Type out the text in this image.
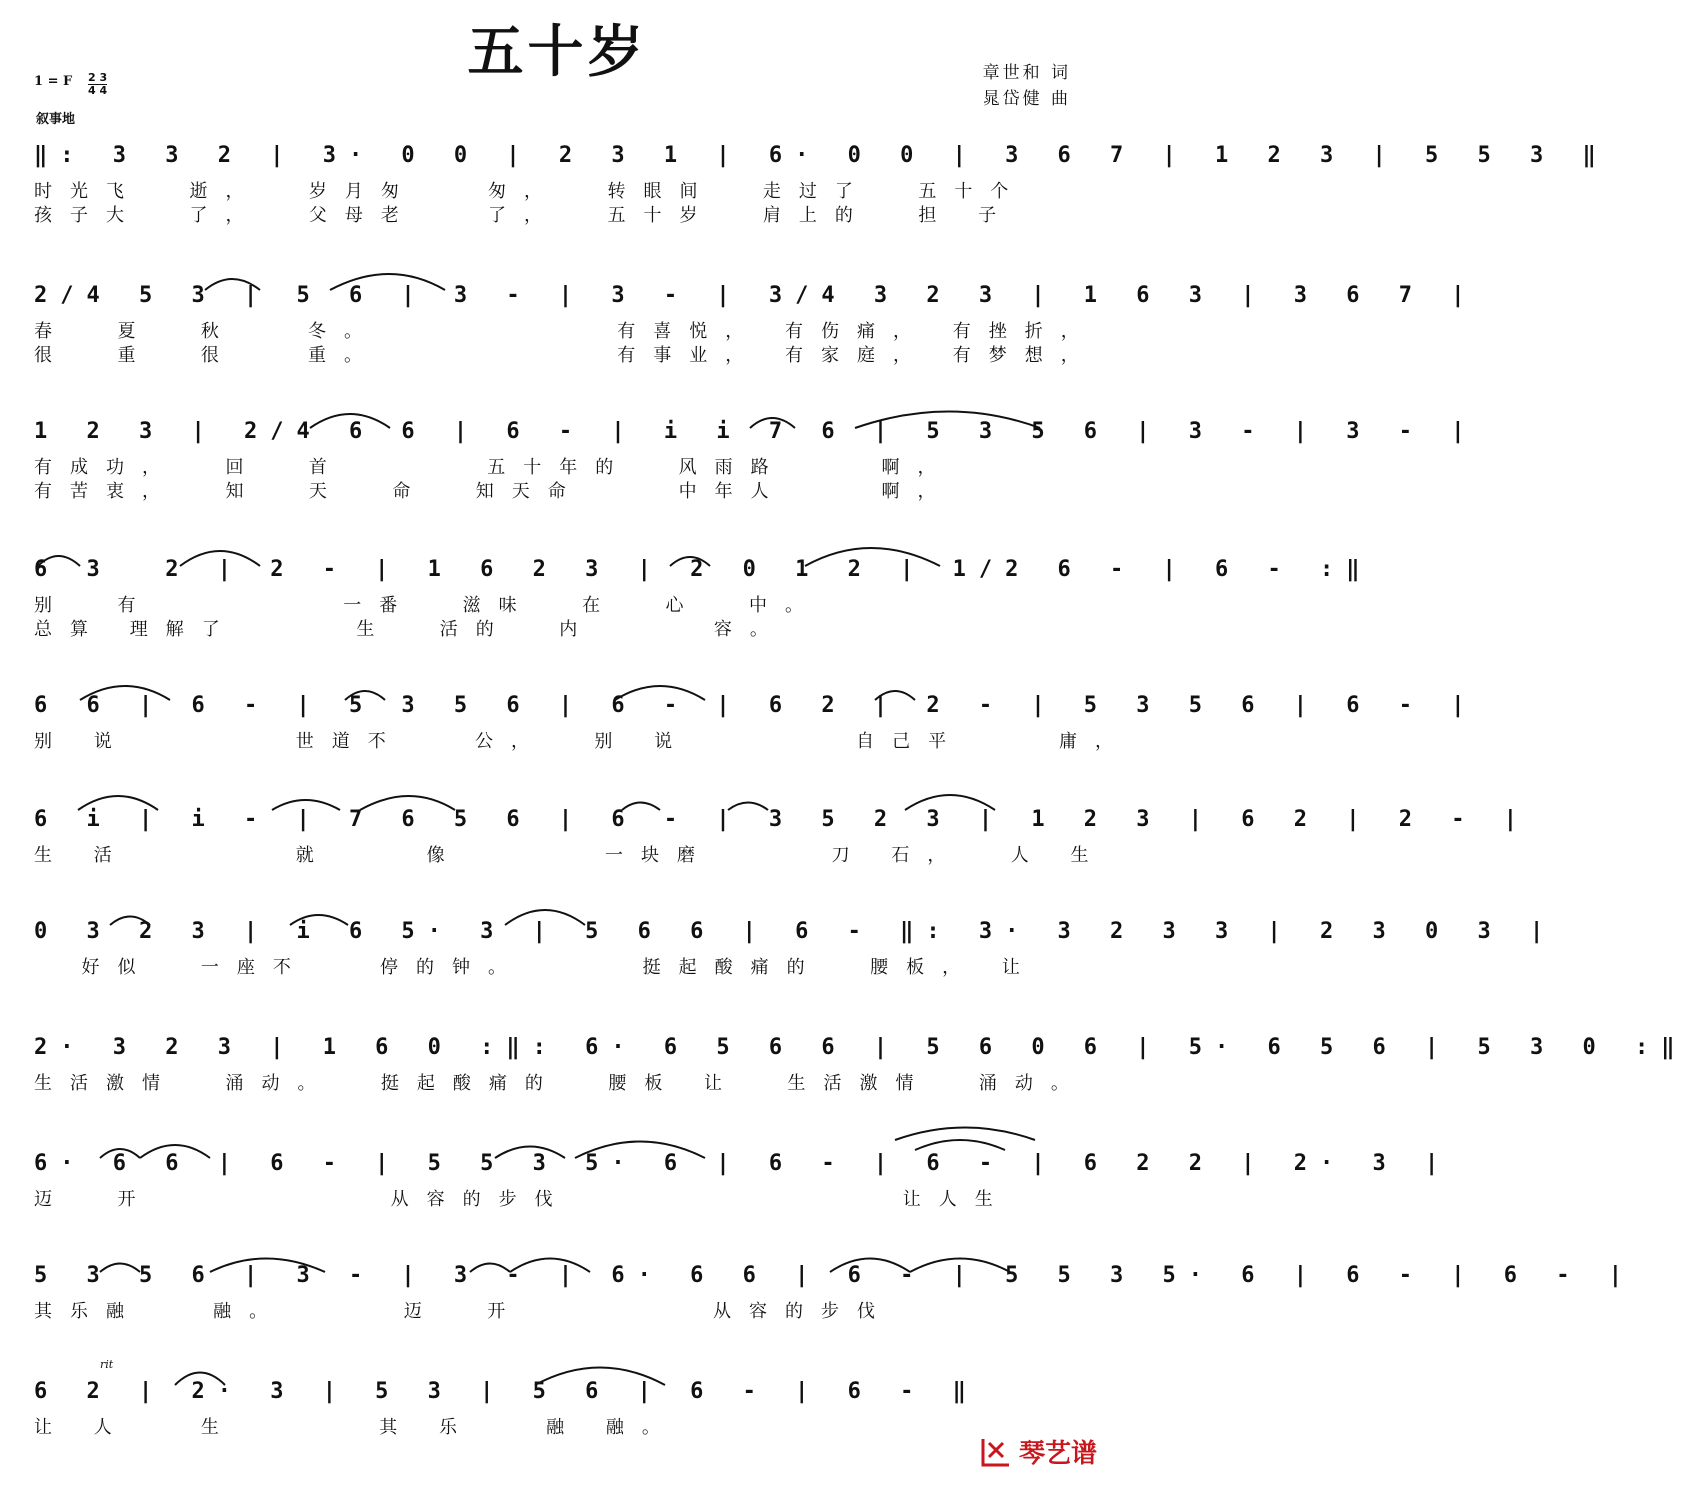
五十岁	章世和 词
晁岱健 曲
1 = F 2 3
4 4
叙事地
rit
‖: 3 3 2 | 3· 0 0 | 2 3 1 | 6· 0 0 | 3 6 7 | 1 2 3 | 5 5 3 ‖
时光飞  逝，  岁月匆   匆，  转眼间  走过了  五十个
孩子大  了，  父母老   了，  五十岁  肩上的  担 子
2/4 5 3 | 5 6 | 3 - | 3 - | 3/4 3 2 3 | 1 6 3 | 3 6 7 |
春  夏  秋   冬。          有喜悦， 有伤痛， 有挫折，
很  重  很   重。          有事业， 有家庭， 有梦想，
1 2 3 | 2/4 6 6 | 6 - | i i 7 6 | 5 3 5 6 | 3 - | 3 - |
有成功，  回  首      五十年的  风雨路    啊，
有苦衷，  知  天  命  知天命    中年人    啊，
6 3  2 | 2 - | 1 6 2 3 | 2 0 1 2 | 1/2 6 - | 6 - :‖
别  有        一番  滋味  在  心  中。
总算 理解了     生  活的  内     容。
6 6 | 6 - | 5 3 5 6 | 6 - | 6 2 | 2 - | 5 3 5 6 | 6 - |
别 说       世道不   公，  别 说       自己平    庸，
6 i | i - | 7 6 5 6 | 6 - | 3 5 2 3 | 1 2 3 | 6 2 | 2 - |
生 活       就    像      一块磨     刀 石，  人 生
0 3 2 3 | i 6 5· 3 | 5 6 6 | 6 - ‖: 3· 3 2 3 3 | 2 3 0 3 |
好似  一座不   停的钟。     挺起酸痛的  腰板， 让
2· 3 2 3 | 1 6 0 :‖: 6· 6 5 6 6 | 5 6 0 6 | 5· 6 5 6 | 5 3 0 :‖
生活激情  涌动。  挺起酸痛的  腰板 让  生活激情  涌动。
6· 6 6 | 6 - | 5 5 3 5· 6 | 6 - | 6 - | 6 2 2 | 2· 3 |
迈  开          从容的步伐              让人生
5 3 5 6 | 3 - | 3 - | 6· 6 6 | 6 - | 5 5 3 5· 6 | 6 - | 6 - |
其乐融   融。     迈  开        从容的步伐
6 2 | 2· 3 | 5 3 | 5 6 | 6 - | 6 - ‖
让 人   生      其 乐   融 融。
琴艺谱
